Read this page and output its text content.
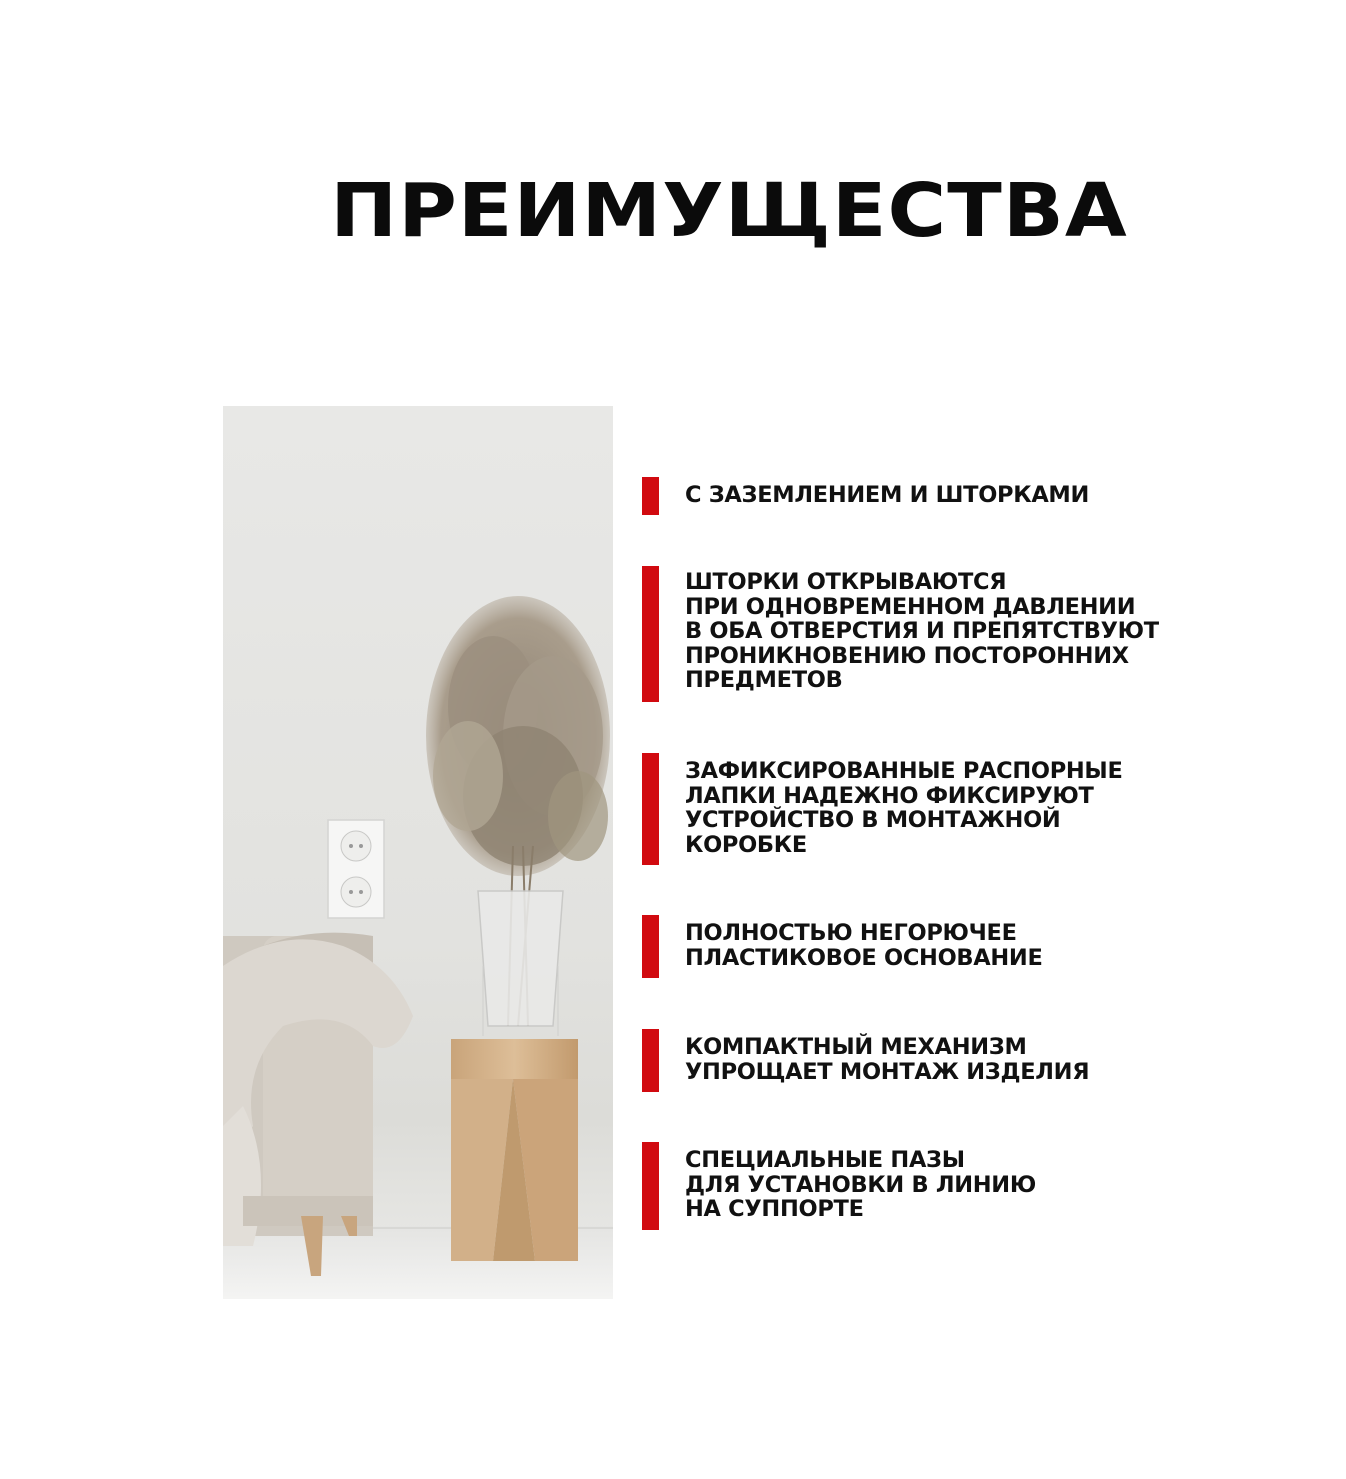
ПРЕИМУЩЕСТВА
С ЗАЗЕМЛЕНИЕМ И ШТОРКАМИ
ШТОРКИ ОТКРЫВАЮТСЯ
ПРИ ОДНОВРЕМЕННОМ ДАВЛЕНИИ
В ОБА ОТВЕРСТИЯ И ПРЕПЯТСТВУЮТ
ПРОНИКНОВЕНИЮ ПОСТОРОННИХ
ПРЕДМЕТОВ
ЗАФИКСИРОВАННЫЕ РАСПОРНЫЕ
ЛАПКИ НАДЕЖНО ФИКСИРУЮТ
УСТРОЙСТВО В МОНТАЖНОЙ
КОРОБКЕ
ПОЛНОСТЬЮ НЕГОРЮЧЕЕ
ПЛАСТИКОВОЕ ОСНОВАНИЕ
КОМПАКТНЫЙ МЕХАНИЗМ
УПРОЩАЕТ МОНТАЖ ИЗДЕЛИЯ
СПЕЦИАЛЬНЫЕ ПАЗЫ
ДЛЯ УСТАНОВКИ В ЛИНИЮ
НА СУППОРТЕ
